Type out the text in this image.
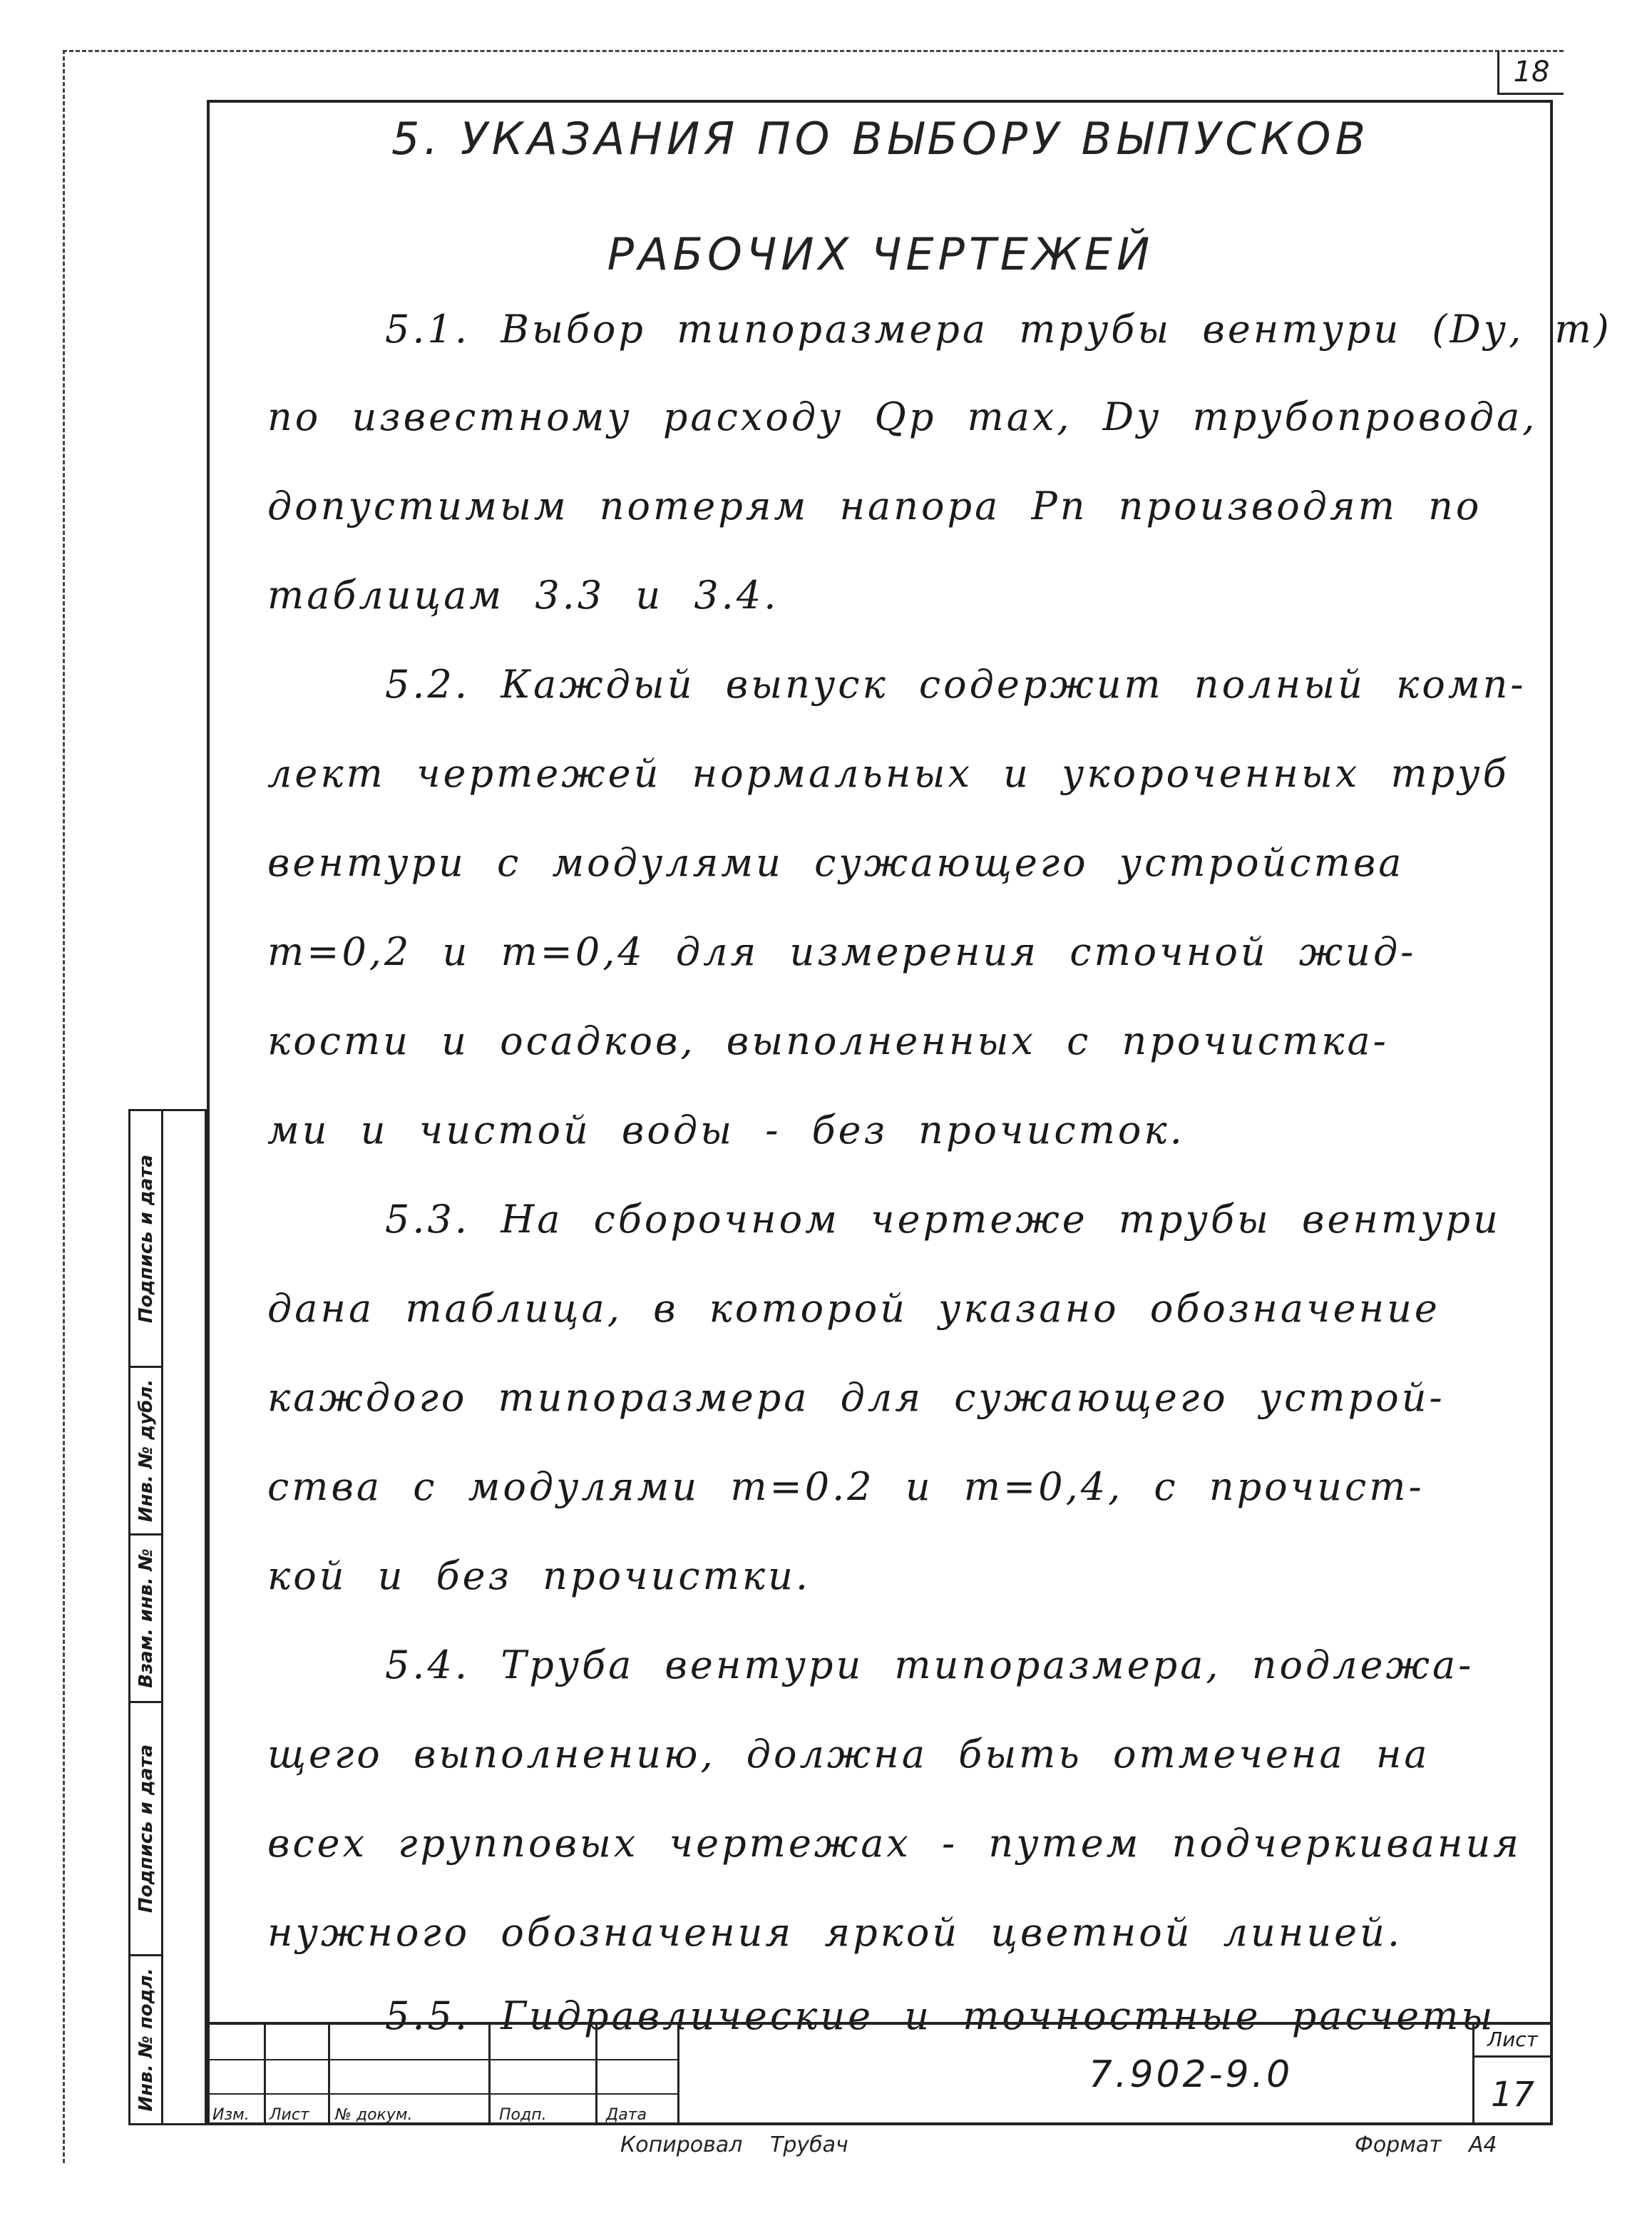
18
5. УКАЗАНИЯ ПО ВЫБОРУ ВЫПУСКОВ
РАБОЧИХ ЧЕРТЕЖЕЙ
5.1. Выбор типоразмера трубы вентури (Dу, m)
по известному расходу Qр max, Dу трубопровода,
допустимым потерям напора Рп производят по
таблицам 3.3 и 3.4.
5.2. Каждый выпуск содержит полный комп-
лект чертежей нормальных и укороченных труб
вентури с модулями сужающего устройства
m=0,2 и m=0,4 для измерения сточной жид-
кости и осадков, выполненных с прочистка-
ми и чистой воды - без прочисток.
5.3. На сборочном чертеже трубы вентури
дана таблица, в которой указано обозначение
каждого типоразмера для сужающего устрой-
ства с модулями m=0.2 и m=0,4, с прочист-
кой и без прочистки.
5.4. Труба вентури типоразмера, подлежа-
щего выполнению, должна быть отмечена на
всех групповых чертежах - путем подчеркивания
нужного обозначения яркой цветной линией.
5.5. Гидравлические и точностные расчеты
Подпись и дата
Инв. № дубл.
Взам. инв. №
Подпись и дата
Инв. № подл.
Изм. Лист № докум.	Подп.	Дата
7.902-9.0
Лист
17
Копировал Трубач	Формат А4
